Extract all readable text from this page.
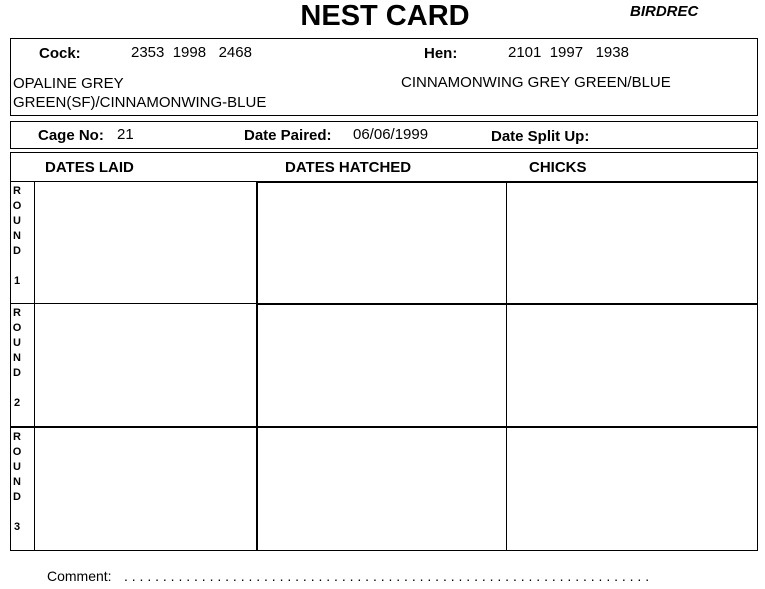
NEST CARD	BIRDREC
Cock:	2353  1998   2468	Hen:	2101  1997   1938
OPALINE GREY
GREEN(SF)/CINNAMONWING-BLUE
CINNAMONWING GREY GREEN/BLUE
Cage No: 21	Date Paired: 06/06/1999	Date Split Up:
DATES LAID	DATES HATCHED	CHICKS
R O U N D
1
R O U N D
2
R O U N D
3
Comment: . . . . . . . . . . . . . . . . . . . . . . . . . . . . . . . . . . . . . . . . . . . . . . . . . . . . . . . . . . . . . . . . . . . .
